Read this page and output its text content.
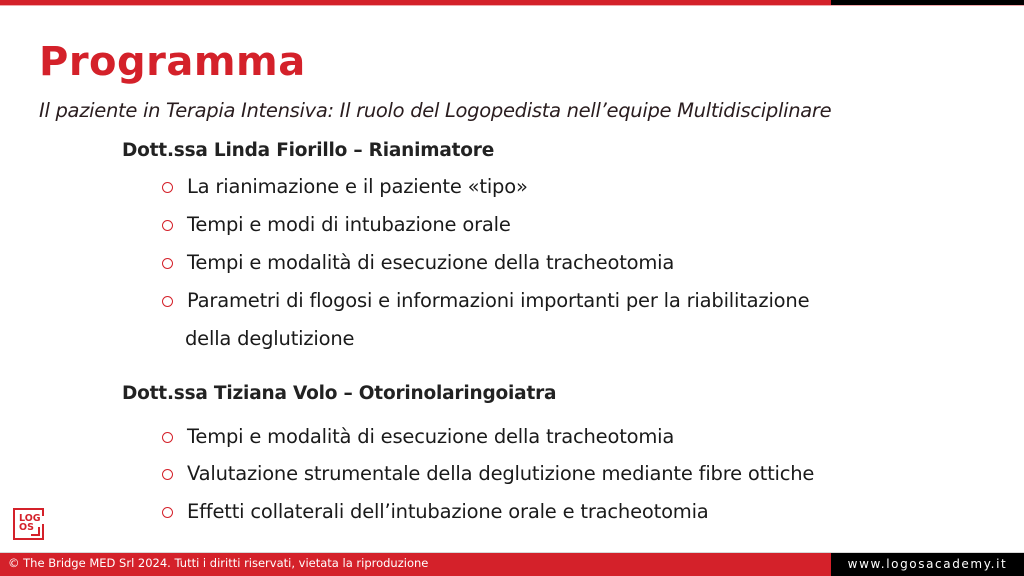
Programma
Il paziente in Terapia Intensiva: Il ruolo del Logopedista nell’equipe Multidisciplinare
Dott.ssa Linda Fiorillo – Rianimatore
La rianimazione e il paziente «tipo»
Tempi e modi di intubazione orale
Tempi e modalità di esecuzione della tracheotomia
Parametri di flogosi e informazioni importanti per la riabilitazione
della deglutizione
Dott.ssa Tiziana Volo – Otorinolaringoiatra
Tempi e modalità di esecuzione della tracheotomia
Valutazione strumentale della deglutizione mediante fibre ottiche
Effetti collaterali dell’intubazione orale e tracheotomia
LOG
OS
© The Bridge MED Srl 2024. Tutti i diritti riservati, vietata la riproduzione	www.logosacademy.it
